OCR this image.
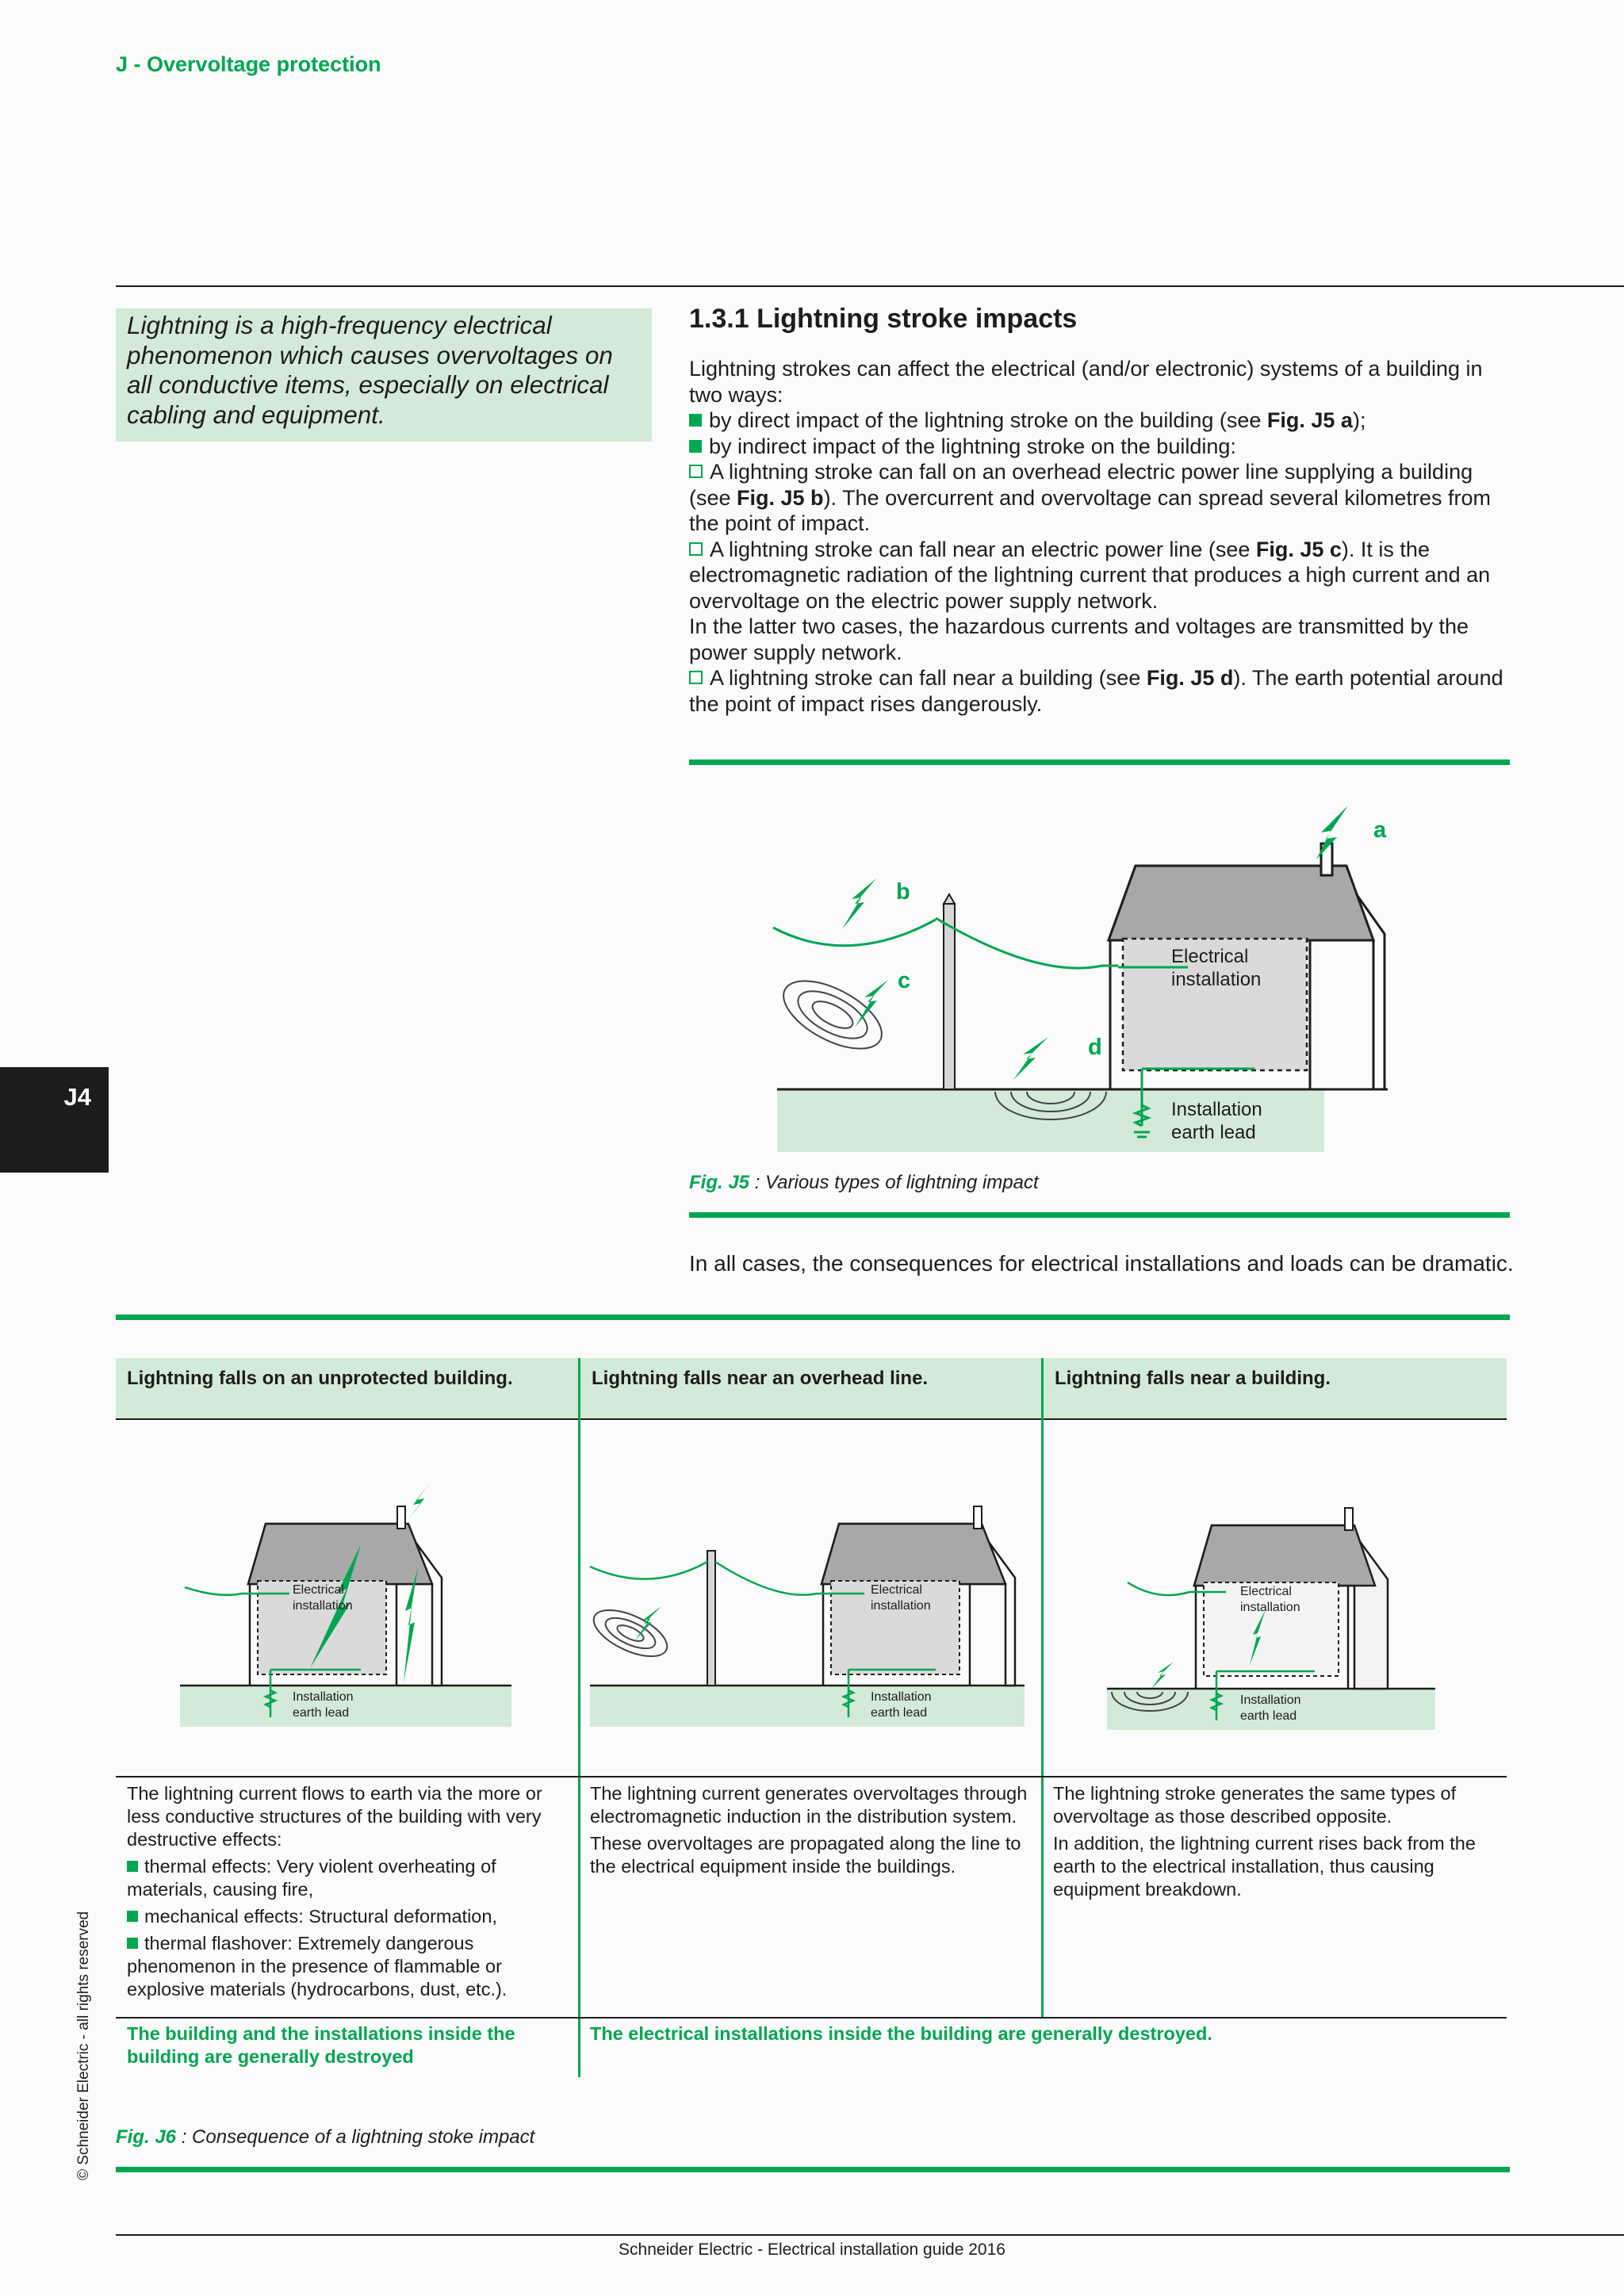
J - Overvoltage protection

Lightning is a high-frequency electrical phenomenon which causes overvoltages on all conductive items, especially on electrical cabling and equipment.

1.3.1 Lightning stroke impacts

Lightning strokes can affect the electrical (and/or electronic) systems of a building in two ways:

by direct impact of the lightning stroke on the building (see Fig. J5 a);

by indirect impact of the lightning stroke on the building:

A lightning stroke can fall on an overhead electric power line supplying a building (see Fig. J5 b). The overcurrent and overvoltage can spread several kilometres from the point of impact.

A lightning stroke can fall near an electric power line (see Fig. J5 c). It is the electromagnetic radiation of the lightning current that produces a high current and an overvoltage on the electric power supply network.

In the latter two cases, the hazardous currents and voltages are transmitted by the power supply network.

A lightning stroke can fall near a building (see Fig. J5 d). The earth potential around the point of impact rises dangerously.

a
b
c
d
Electrical
installation
Installation
earth lead
Fig. J5 : Various types of lightning impact
In all cases, the consequences for electrical installations and loads can be dramatic.
J4
Lightning falls on an unprotected building.	Lightning falls near an overhead line.	Lightning falls near a building.
Electrical
installation
Installation
earth lead
Electrical
installation
Installation
earth lead
Electrical
installation
Installation
earth lead

The lightning current flows to earth via the more or less conductive structures of the building with very destructive effects:

thermal effects: Very violent overheating of materials, causing fire,

mechanical effects: Structural deformation,

thermal flashover: Extremely dangerous phenomenon in the presence of flammable or explosive materials (hydrocarbons, dust, etc.).

The lightning current generates overvoltages through electromagnetic induction in the distribution system.

These overvoltages are propagated along the line to the electrical equipment inside the buildings.

The lightning stroke generates the same types of overvoltage as those described opposite.

In addition, the lightning current rises back from the earth to the electrical installation, thus causing equipment breakdown.

The building and the installations inside the building are generally destroyed
The electrical installations inside the building are generally destroyed.
Fig. J6 : Consequence of a lightning stoke impact
© Schneider Electric - all rights reserved
Schneider Electric - Electrical installation guide 2016
